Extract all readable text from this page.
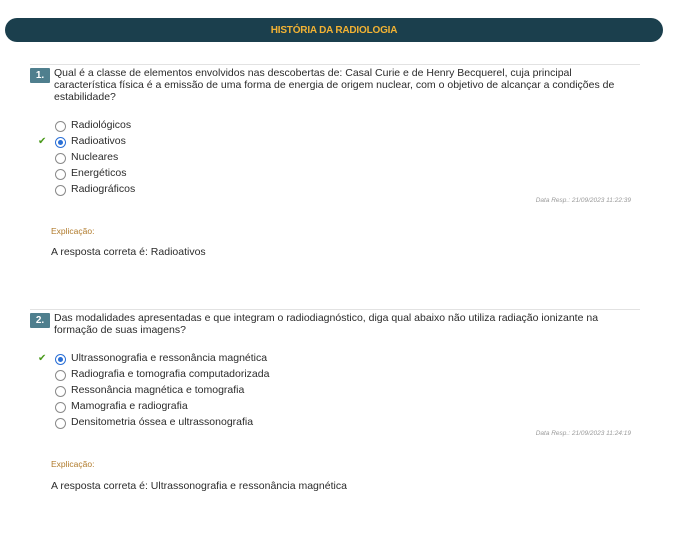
HISTÓRIA DA RADIOLOGIA
1. Qual é a classe de elementos envolvidos nas descobertas de: Casal Curie e de Henry Becquerel, cuja principal característica física é a emissão de uma forma de energia de origem nuclear, com o objetivo de alcançar a condições de estabilidade?
Radiológicos
✔ Radioativos
Nucleares
Energéticos
Radiográficos
Data Resp.: 21/09/2023 11:22:39
Explicação:
A resposta correta é: Radioativos
2. Das modalidades apresentadas e que integram o radiodiagnóstico, diga qual abaixo não utiliza radiação ionizante na formação de suas imagens?
✔ Ultrassonografia e ressonância magnética
Radiografia e tomografia computadorizada
Ressonância magnética e tomografia
Mamografia e radiografia
Densitometria óssea e ultrassonografia
Data Resp.: 21/09/2023 11:24:19
Explicação:
A resposta correta é: Ultrassonografia e ressonância magnética
